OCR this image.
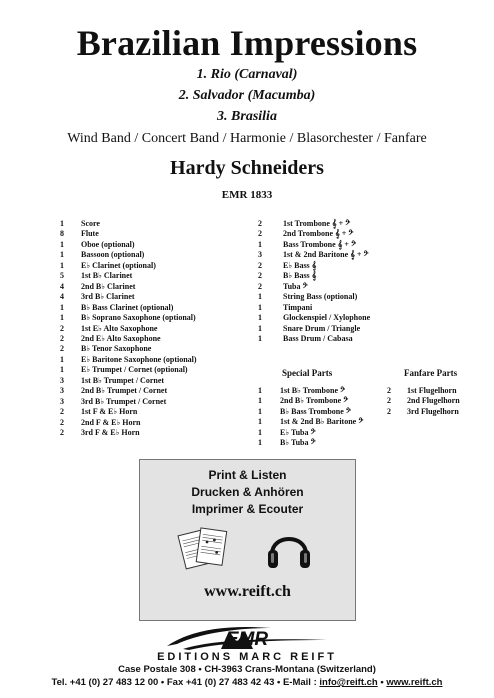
Brazilian Impressions
1. Rio (Carnaval)
2. Salvador (Macumba)
3. Brasilia
Wind Band / Concert Band / Harmonie / Blasorchester / Fanfare
Hardy Schneiders
EMR 1833
1	Score
8	Flute
1	Oboe (optional)
1	Bassoon (optional)
1	E♭ Clarinet (optional)
5	1st B♭ Clarinet
4	2nd B♭ Clarinet
4	3rd B♭ Clarinet
1	B♭ Bass Clarinet (optional)
1	B♭ Soprano Saxophone (optional)
2	1st E♭ Alto Saxophone
2	2nd E♭ Alto Saxophone
2	B♭ Tenor Saxophone
1	E♭ Baritone Saxophone (optional)
1	E♭ Trumpet / Cornet (optional)
3	1st B♭ Trumpet / Cornet
3	2nd B♭ Trumpet / Cornet
3	3rd B♭ Trumpet / Cornet
2	1st F & E♭ Horn
2	2nd F & E♭ Horn
2	3rd F & E♭ Horn
2	1st Trombone 𝄞 + 𝄢
2	2nd Trombone 𝄞 + 𝄢
1	Bass Trombone 𝄞 + 𝄢
3	1st & 2nd Baritone 𝄞 + 𝄢
2	E♭ Bass 𝄞
2	B♭ Bass 𝄞
2	Tuba 𝄢
1	String Bass (optional)
1	Timpani
1	Glockenspiel / Xylophone
1	Snare Drum / Triangle
1	Bass Drum / Cabasa
Special Parts	Fanfare Parts
1	1st B♭ Trombone 𝄢
1	2nd B♭ Trombone 𝄢
1	B♭ Bass Trombone 𝄢
1	1st & 2nd B♭ Baritone 𝄢
1	E♭ Tuba 𝄢
1	B♭ Tuba 𝄢
2	1st Flugelhorn
2	2nd Flugelhorn
2	3rd Flugelhorn
Print & Listen
Drucken & Anhören
Imprimer & Ecouter
www.reift.ch
EMR
EDITIONS MARC REIFT
Case Postale 308 • CH-3963 Crans-Montana (Switzerland)
Tel. +41 (0) 27 483 12 00 • Fax +41 (0) 27 483 42 43 • E-Mail : info@reift.ch • www.reift.ch
